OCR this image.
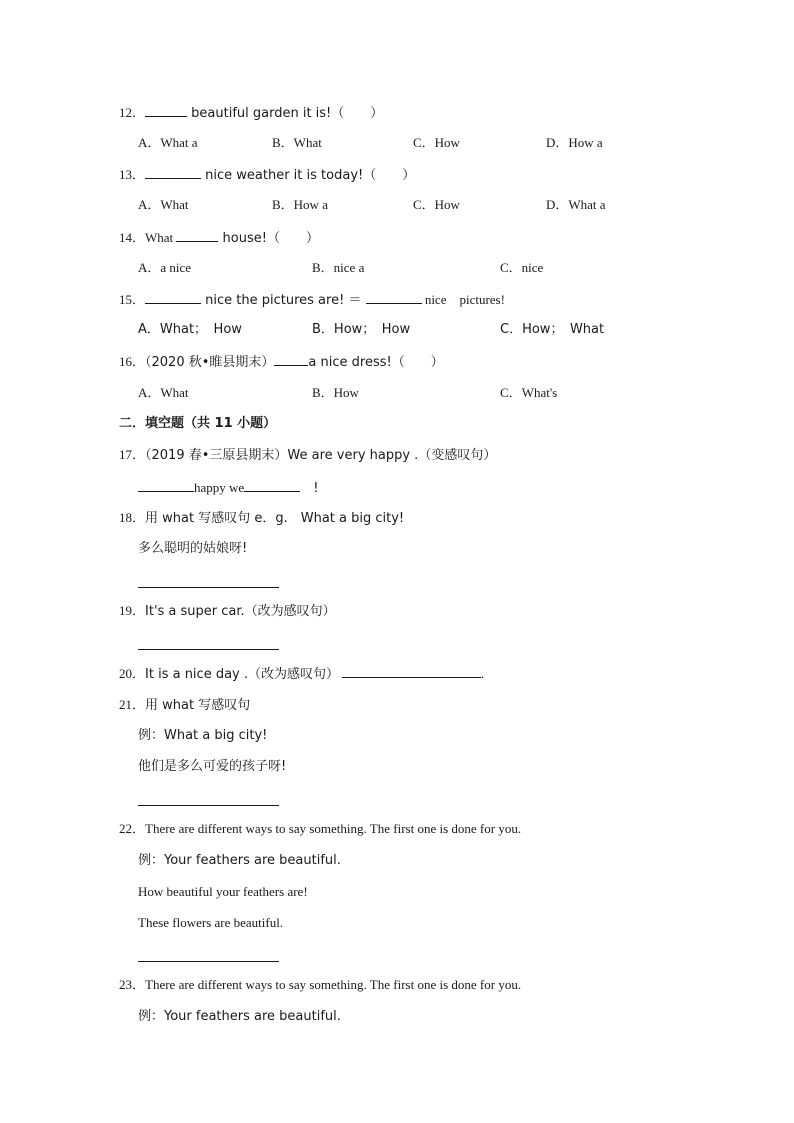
12．	beautiful garden it is!（　　）
A．What a	B．What	C．How	D．How a
13．	nice weather it is today!（　　）
A．What	B．How a	C．How	D．What a
14．What	house!（　　）
A．a nice	B．nice a	C．nice
15．	nice the pictures are! ＝	nice　pictures!
A．What；　How	B．How；　How	C．How；　What
16．（2020 秋•睢县期末）	a nice dress!（　　）
A．What	B．How	C．What's
二．填空题（共 11 小题）
17．（2019 春•三原县期末）We are very happy .（变感叹句）
happy we	　!
18．用 what 写感叹句 e．g.　What a big city!
多么聪明的姑娘呀!
19．It's a super car.（改为感叹句）
20．It is a nice day .（改为感叹句）	.
21．用 what 写感叹句
例：What a big city!
他们是多么可爱的孩子呀!
22．There are different ways to say something. The first one is done for you.
例：Your feathers are beautiful.
How beautiful your feathers are!
These flowers are beautiful.
23．There are different ways to say something. The first one is done for you.
例：Your feathers are beautiful.
